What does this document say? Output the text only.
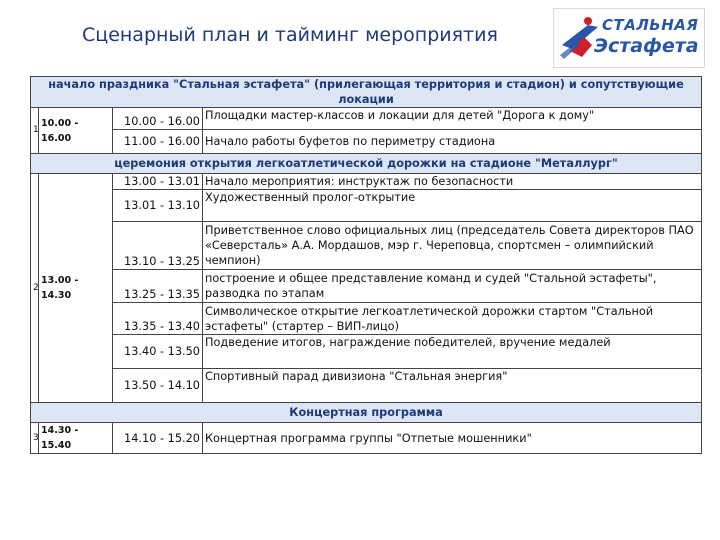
Сценарный план и тайминг мероприятия	СТАЛЬНАЯ
Эстафета
начало праздника "Стальная эстафета" (прилегающая территория и стадион) и сопутствующие локации			
1	10.00 - 16.00	10.00 - 16.00	Площадки мастер-классов и локации для детей "Дорога к дому"
		11.00 - 16.00	Начало работы буфетов по периметру стадиона
церемония открытия легкоатлетической дорожки на стадионе "Металлург"			
2	13.00 - 14.30	13.00 - 13.01	Начало мероприятия: инструктаж по безопасности
		13.01 - 13.10	Художественный пролог-открытие
		13.10 - 13.25	Приветственное слово официальных лиц (председатель Совета директоров ПАО «Северсталь» А.А. Мордашов, мэр г. Череповца, спортсмен – олимпийский чемпион)
		13.25 - 13.35	построение и общее представление команд и судей "Стальной эстафеты", разводка по этапам
		13.35 - 13.40	Символическое открытие легкоатлетической дорожки стартом "Стальной эстафеты" (стартер – ВИП-лицо)
		13.40 - 13.50	Подведение итогов, награждение победителей, вручение медалей
		13.50 - 14.10	Спортивный парад дивизиона "Стальная энергия"
Концертная программа			
3	14.30 - 15.40	14.10 - 15.20	Концертная программа группы "Отпетые мошенники"
